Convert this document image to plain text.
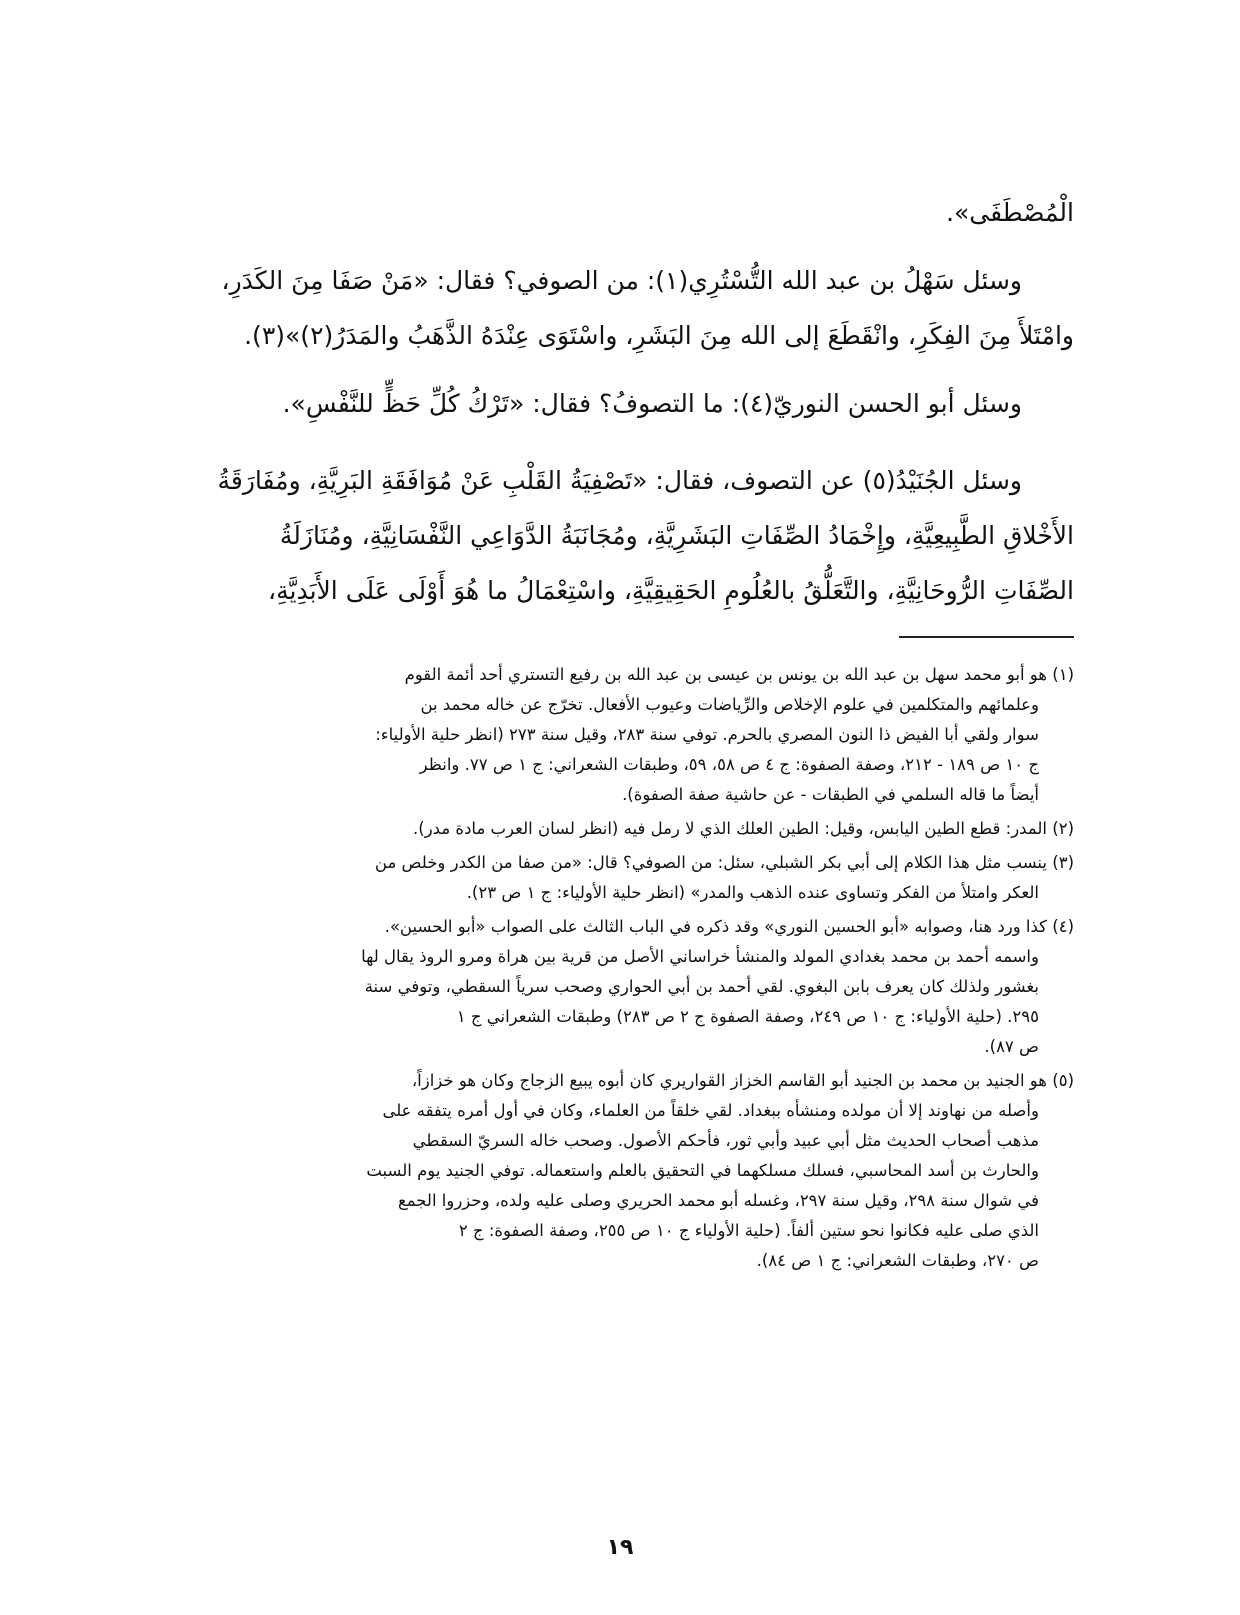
الْمُصْطَفَى».
وسئل سَهْلُ بن عبد الله التُّسْتُرِي(١): من الصوفي؟ فقال: «مَنْ صَفَا مِنَ الكَدَرِ،
وامْتَلأَ مِنَ الفِكَرِ، وانْقَطَعَ إلى الله مِنَ البَشَرِ، واسْتَوَى عِنْدَهُ الذَّهَبُ والمَدَرُ(٢)»(٣).
وسئل أبو الحسن النوريّ(٤): ما التصوفُ؟ فقال: «تَرْكُ كُلِّ حَظٍّ للنَّفْسِ».
وسئل الجُنَيْدُ(٥) عن التصوف، فقال: «تَصْفِيَةُ القَلْبِ عَنْ مُوَافَقَةِ البَرِيَّةِ، ومُفَارَقَةُ
الأَخْلاقِ الطَّبِيعِيَّةِ، وإِخْمَادُ الصِّفَاتِ البَشَرِيَّةِ، ومُجَانَبَةُ الدَّوَاعِي النَّفْسَانِيَّةِ، ومُنَازَلَةُ
الصِّفَاتِ الرُّوحَانِيَّةِ، والتَّعَلُّقُ بالعُلُومِ الحَقِيقِيَّةِ، واسْتِعْمَالُ ما هُوَ أَوْلَى عَلَى الأَبَدِيَّةِ،
(١) هو أبو محمد سهل بن عبد الله بن يونس بن عيسى بن عبد الله بن رفيع التستري أحد أئمة القوم
وعلمائهم والمتكلمين في علوم الإخلاص والرِّياضات وعيوب الأفعال. تخرّج عن خاله محمد بن
سوار ولقي أبا الفيض ذا النون المصري بالحرم. توفي سنة ٢٨٣، وقيل سنة ٢٧٣ (انظر حلية الأولياء:
ج ١٠ ص ١٨٩ - ٢١٢، وصفة الصفوة: ج ٤ ص ٥٨، ٥٩، وطبقات الشعراني: ج ١ ص ٧٧. وانظر
أيضاً ما قاله السلمي في الطبقات - عن حاشية صفة الصفوة).
(٢) المدر: قطع الطين اليابس، وقيل: الطين العلك الذي لا رمل فيه (انظر لسان العرب مادة مدر).
(٣) ينسب مثل هذا الكلام إلى أبي بكر الشبلي، سئل: من الصوفي؟ قال: «من صفا من الكدر وخلص من
العكر وامتلأ من الفكر وتساوى عنده الذهب والمدر» (انظر حلية الأولياء: ج ١ ص ٢٣).
(٤) كذا ورد هنا، وصوابه «أبو الحسين النوري» وقد ذكره في الباب الثالث على الصواب «أبو الحسين».
واسمه أحمد بن محمد بغدادي المولد والمنشأ خراساني الأصل من قرية بين هراة ومرو الروذ يقال لها
بغشور ولذلك كان يعرف بابن البغوي. لقي أحمد بن أبي الحواري وصحب سرياً السقطي، وتوفي سنة
٢٩٥. (حلية الأولياء: ج ١٠ ص ٢٤٩، وصفة الصفوة ج ٢ ص ٢٨٣) وطبقات الشعراني ج ١
ص ٨٧).
(٥) هو الجنيد بن محمد بن الجنيد أبو القاسم الخزاز القواريري كان أبوه يبيع الزجاج وكان هو خزازاً،
وأصله من نهاوند إلا أن مولده ومنشأه ببغداد. لقي خلقاً من العلماء، وكان في أول أمره يتفقه على
مذهب أصحاب الحديث مثل أبي عبيد وأبي ثور، فأحكم الأصول. وصحب خاله السريّ السقطي
والحارث بن أسد المحاسبي، فسلك مسلكهما في التحقيق بالعلم واستعماله. توفي الجنيد يوم السبت
في شوال سنة ٢٩٨، وقيل سنة ٢٩٧، وغسله أبو محمد الحريري وصلى عليه ولده، وحزروا الجمع
الذي صلى عليه فكانوا نحو ستين ألفاً. (حلية الأولياء ج ١٠ ص ٢٥٥، وصفة الصفوة: ج ٢
ص ٢٧٠، وطبقات الشعراني: ج ١ ص ٨٤).
١٩
